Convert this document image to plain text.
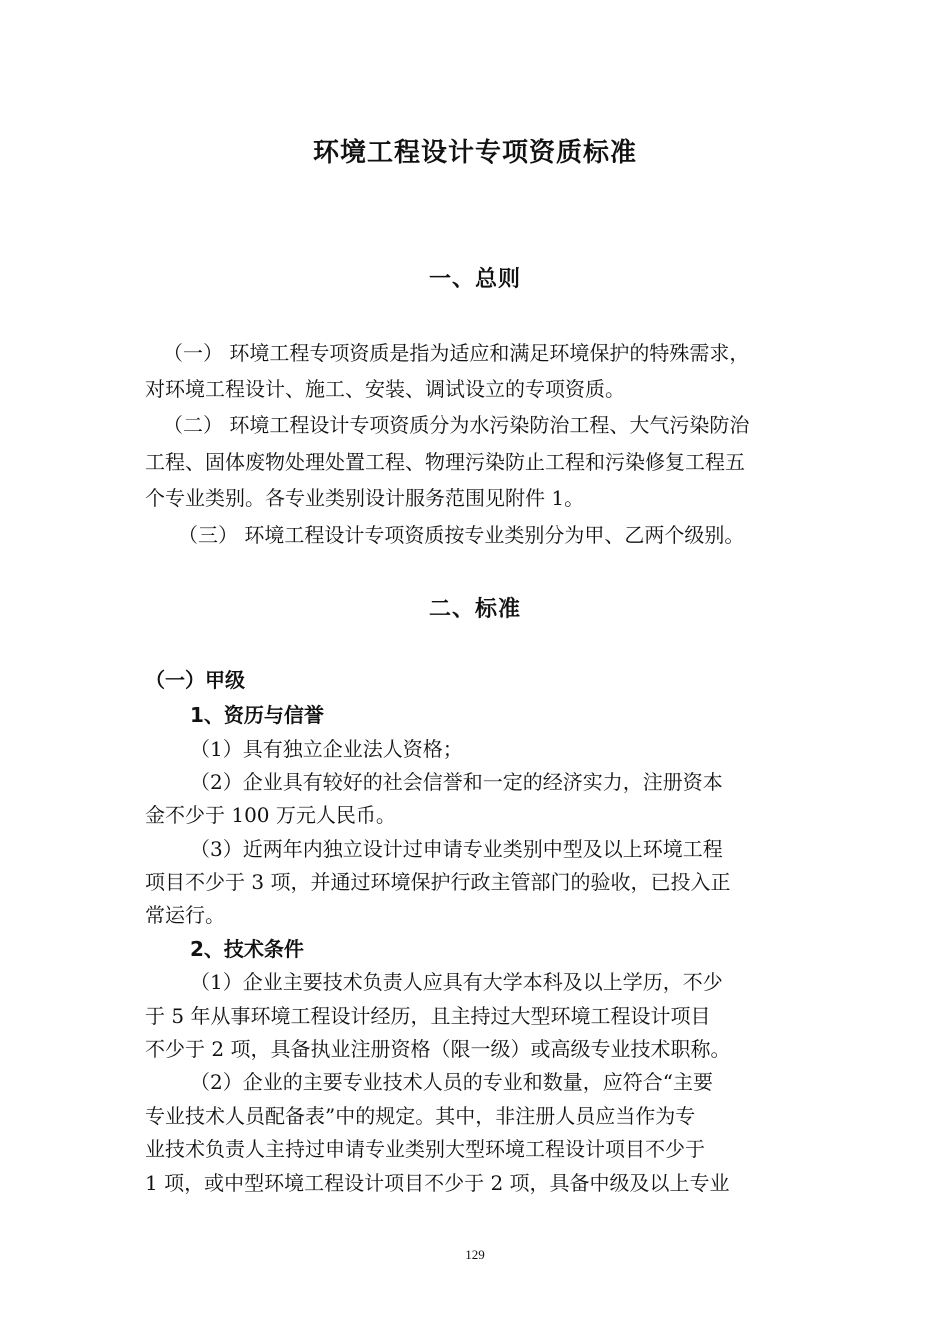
环境工程设计专项资质标准
一、总则
（一） 环境工程专项资质是指为适应和满足环境保护的特殊需求，
对环境工程设计、施工、安装、调试设立的专项资质。
（二） 环境工程设计专项资质分为水污染防治工程、大气污染防治
工程、固体废物处理处置工程、物理污染防止工程和污染修复工程五
个专业类别。各专业类别设计服务范围见附件 1。
（三） 环境工程设计专项资质按专业类别分为甲、乙两个级别。
二、标准
（一）甲级
1、资历与信誉
（1）具有独立企业法人资格；
（2）企业具有较好的社会信誉和一定的经济实力，注册资本
金不少于 100 万元人民币。
（3）近两年内独立设计过申请专业类别中型及以上环境工程
项目不少于 3 项，并通过环境保护行政主管部门的验收，已投入正
常运行。
2、技术条件
（1）企业主要技术负责人应具有大学本科及以上学历，不少
于 5 年从事环境工程设计经历，且主持过大型环境工程设计项目
不少于 2 项，具备执业注册资格（限一级）或高级专业技术职称。
（2）企业的主要专业技术人员的专业和数量，应符合“主要
专业技术人员配备表”中的规定。其中，非注册人员应当作为专
业技术负责人主持过申请专业类别大型环境工程设计项目不少于
1 项，或中型环境工程设计项目不少于 2 项，具备中级及以上专业
129
